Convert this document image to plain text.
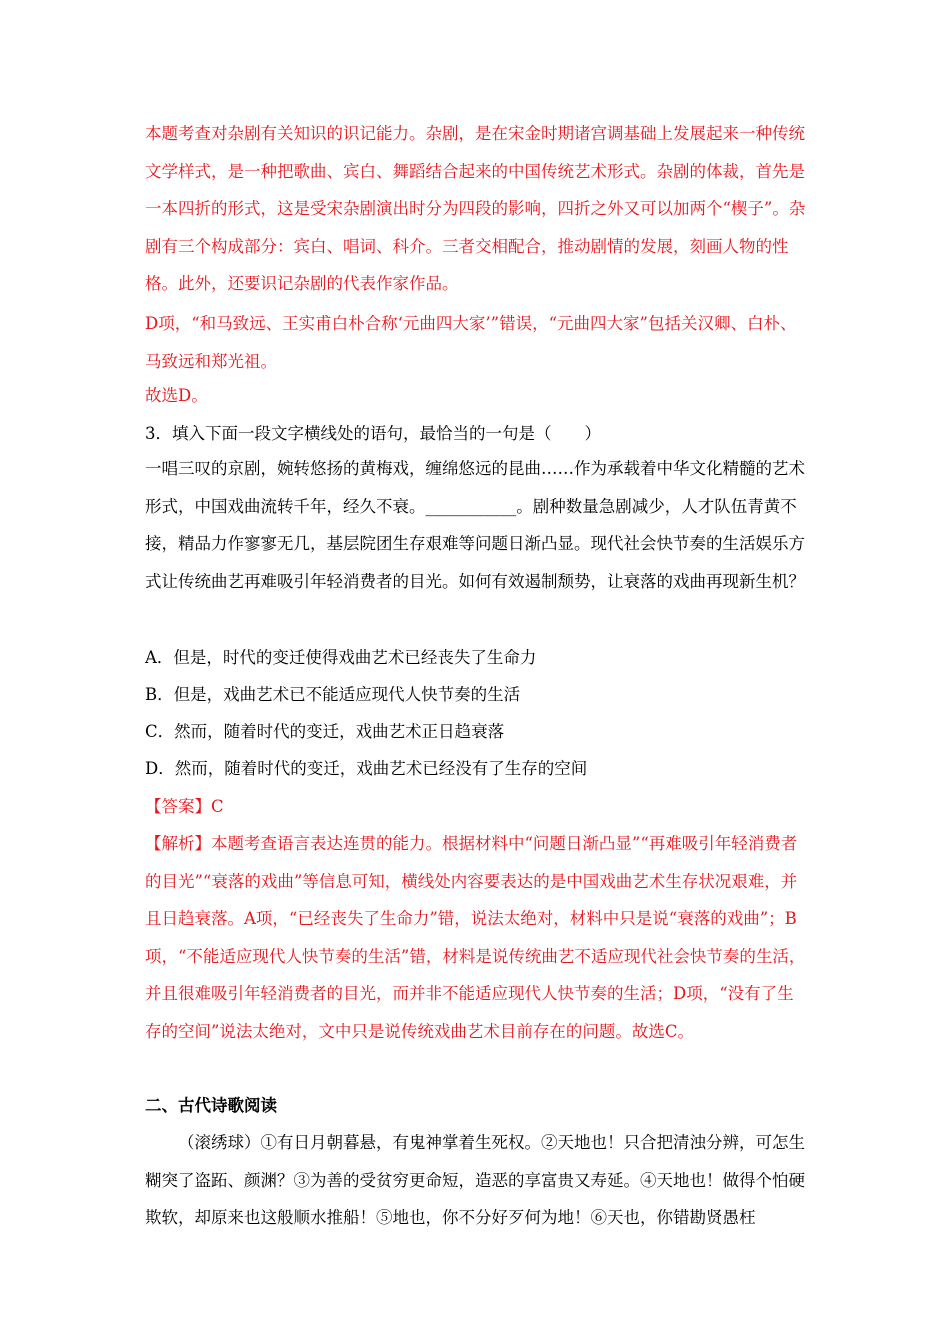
本题考查对杂剧有关知识的识记能力。杂剧，是在宋金时期诸宫调基础上发展起来一种传统文学样式，是一种把歌曲、宾白、舞蹈结合起来的中国传统艺术形式。杂剧的体裁，首先是一本四折的形式，这是受宋杂剧演出时分为四段的影响，四折之外又可以加两个“楔子”。杂剧有三个构成部分：宾白、唱词、科介。三者交相配合，推动剧情的发展，刻画人物的性格。此外，还要识记杂剧的代表作家作品。

D项，“和马致远、王实甫白朴合称‘元曲四大家’”错误，“元曲四大家”包括关汉卿、白朴、马致远和郑光祖。

故选D。

3．填入下面一段文字横线处的语句，最恰当的一句是（　　）

一唱三叹的京剧，婉转悠扬的黄梅戏，缠绵悠远的昆曲……作为承载着中华文化精髓的艺术形式，中国戏曲流转千年，经久不衰。___________。剧种数量急剧减少，人才队伍青黄不接，精品力作寥寥无几，基层院团生存艰难等问题日渐凸显。现代社会快节奏的生活娱乐方式让传统曲艺再难吸引年轻消费者的目光。如何有效遏制颓势，让衰落的戏曲再现新生机？

A．但是，时代的变迁使得戏曲艺术已经丧失了生命力

B．但是，戏曲艺术已不能适应现代人快节奏的生活

C．然而，随着时代的变迁，戏曲艺术正日趋衰落

D．然而，随着时代的变迁，戏曲艺术已经没有了生存的空间

【答案】C

【解析】本题考查语言表达连贯的能力。根据材料中“问题日渐凸显”“再难吸引年轻消费者的目光”“衰落的戏曲”等信息可知，横线处内容要表达的是中国戏曲艺术生存状况艰难，并且日趋衰落。A项，“已经丧失了生命力”错，说法太绝对，材料中只是说“衰落的戏曲”；B项，“不能适应现代人快节奏的生活”错，材料是说传统曲艺不适应现代社会快节奏的生活，并且很难吸引年轻消费者的目光，而并非不能适应现代人快节奏的生活；D项，“没有了生存的空间”说法太绝对，文中只是说传统戏曲艺术目前存在的问题。故选C。

二、古代诗歌阅读

（滚绣球）①有日月朝暮悬，有鬼神掌着生死权。②天地也！只合把清浊分辨，可怎生糊突了盗跖、颜渊？③为善的受贫穷更命短，造恶的享富贵又寿延。④天地也！做得个怕硬欺软，却原来也这般顺水推船！⑤地也，你不分好歹何为地！⑥天也，你错勘贤愚枉
